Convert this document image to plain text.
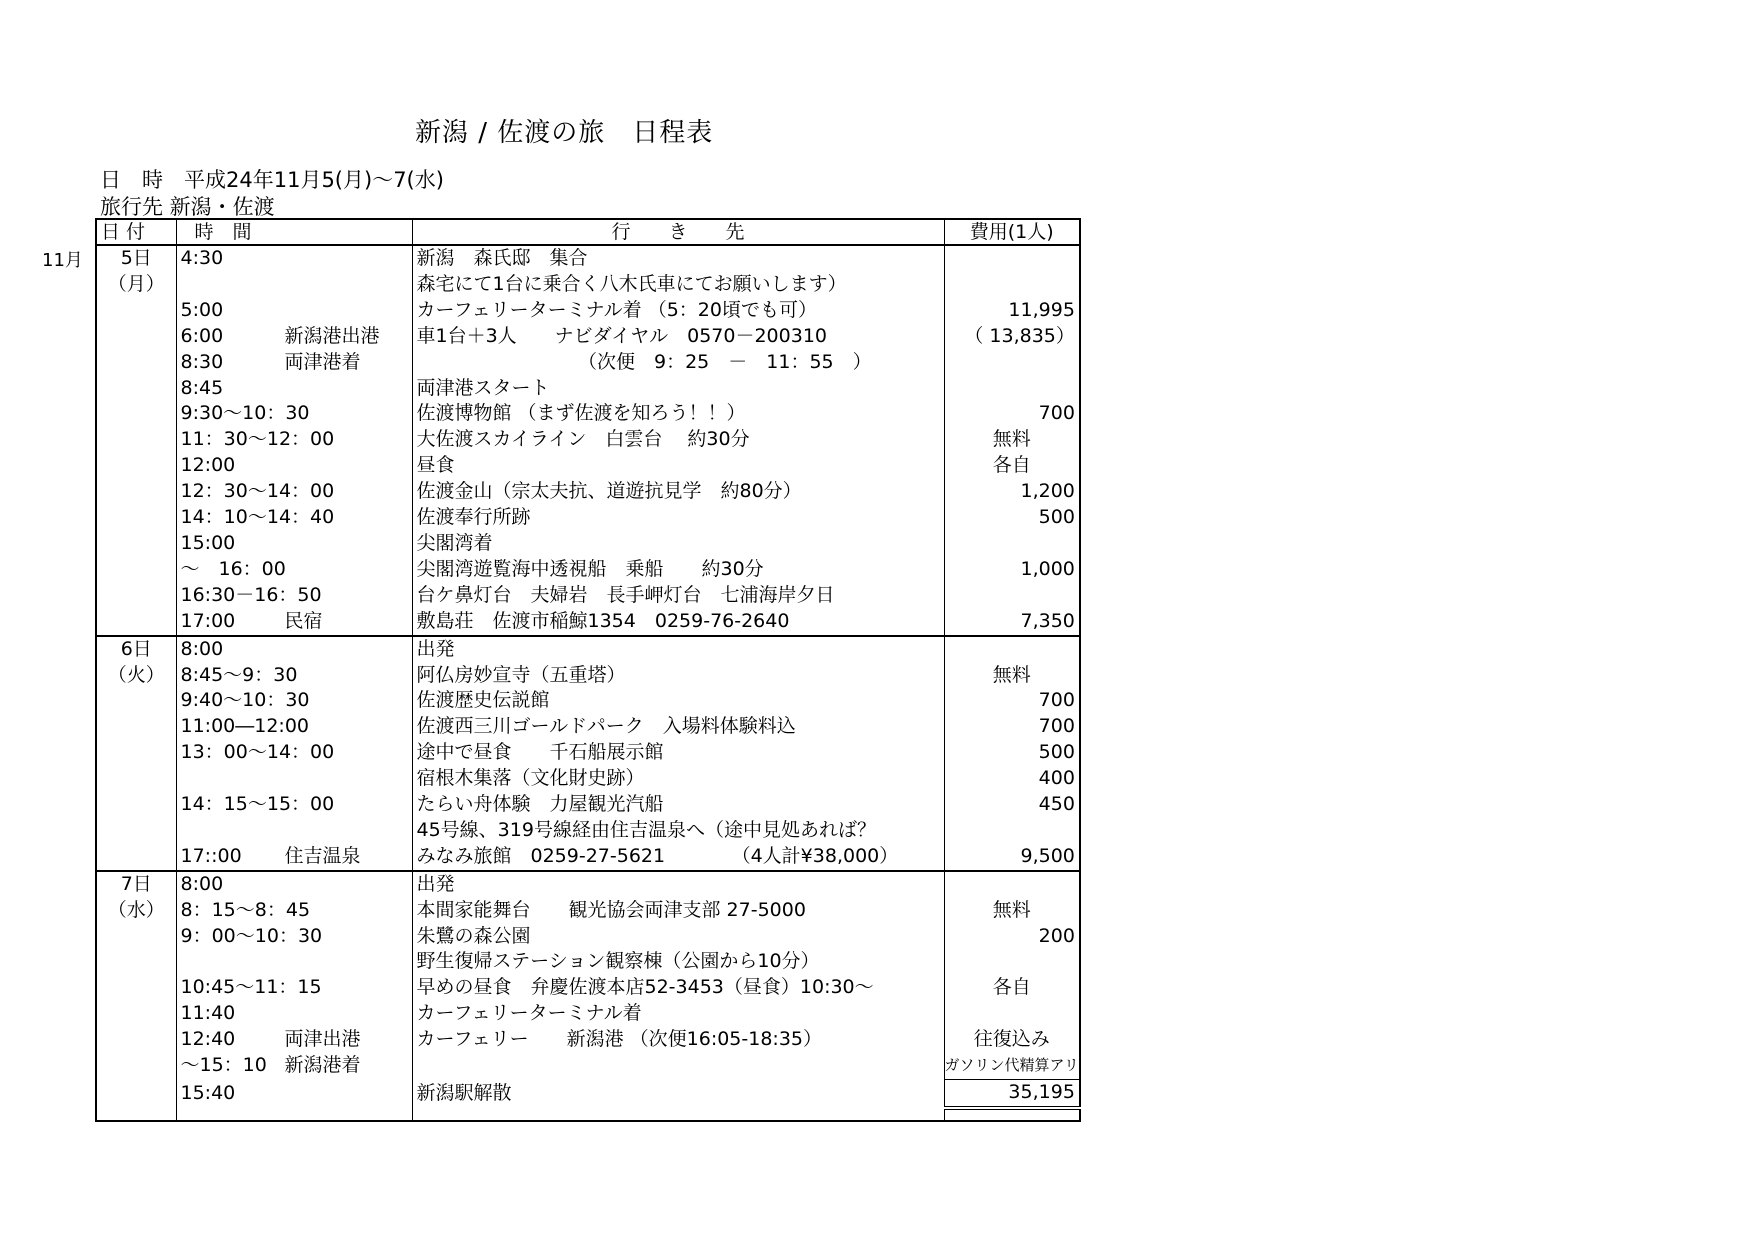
新潟 / 佐渡の旅　日程表
日　時　平成24年11月5(月)～7(水)
旅行先 新潟・佐渡
11月
日 付	時　間	行　　き　　先	費用(1人)
5日	4:30	新潟　森氏邸　集合	
（月）		森宅にて1台に乗合く八木氏車にてお願いします）	
	5:00	カーフェリーターミナル着 （5：20頃でも可）	11,995
	6:00 新潟港出港	車1台＋3人　　ナビダイヤル　0570－200310	（ 13,835）
	8:30 両津港着	　　　　　　　　　（次便　9：25　－　11：55　）	
	8:45	両津港スタート	
	9:30～10：30	佐渡博物館 （まず佐渡を知ろう！！）	700
	11：30～12：00	大佐渡スカイライン　白雲台　 約30分	無料
	12:00	昼食	各自
	12：30～14：00	佐渡金山（宗太夫抗、道遊抗見学　約80分）	1,200
	14：10～14：40	佐渡奉行所跡	500
	15:00	尖閣湾着	
	～　16：00	尖閣湾遊覧海中透視船　乗船　　約30分	1,000
	16:30－16：50	台ケ鼻灯台　夫婦岩　長手岬灯台　七浦海岸夕日	
	17:00 民宿	敷島荘　佐渡市稲鯨1354　0259-76-2640	7,350
6日	8:00	出発	
（火）	8:45～9：30	阿仏房妙宣寺（五重塔）	無料
	9:40～10：30	佐渡歴史伝説館	700
	11:00―12:00	佐渡西三川ゴールドパーク　入場料体験料込	700
	13：00～14：00	途中で昼食　　千石船展示館	500
		宿根木集落（文化財史跡）	400
	14：15～15：00	たらい舟体験　力屋観光汽船	450
		45号線、319号線経由住吉温泉へ（途中見処あれば？	
	17::00 住吉温泉	みなみ旅館　0259-27-5621　　　　（4人計¥38,000）	9,500
7日	8:00	出発	
（水）	8：15～8：45	本間家能舞台　　観光協会両津支部 27-5000	無料
	9：00～10：30	朱鷺の森公園	200
		野生復帰ステーション観察棟（公園から10分）	
	10:45～11：15	早めの昼食　弁慶佐渡本店52-3453（昼食）10:30～	各自
	11:40	カーフェリーターミナル着	
	12:40 両津出港	カーフェリー　　新潟港 （次便16:05-18:35）	往復込み
	～15：10 新潟港着		ガソリン代精算アリ
	15:40	新潟駅解散	35,195
